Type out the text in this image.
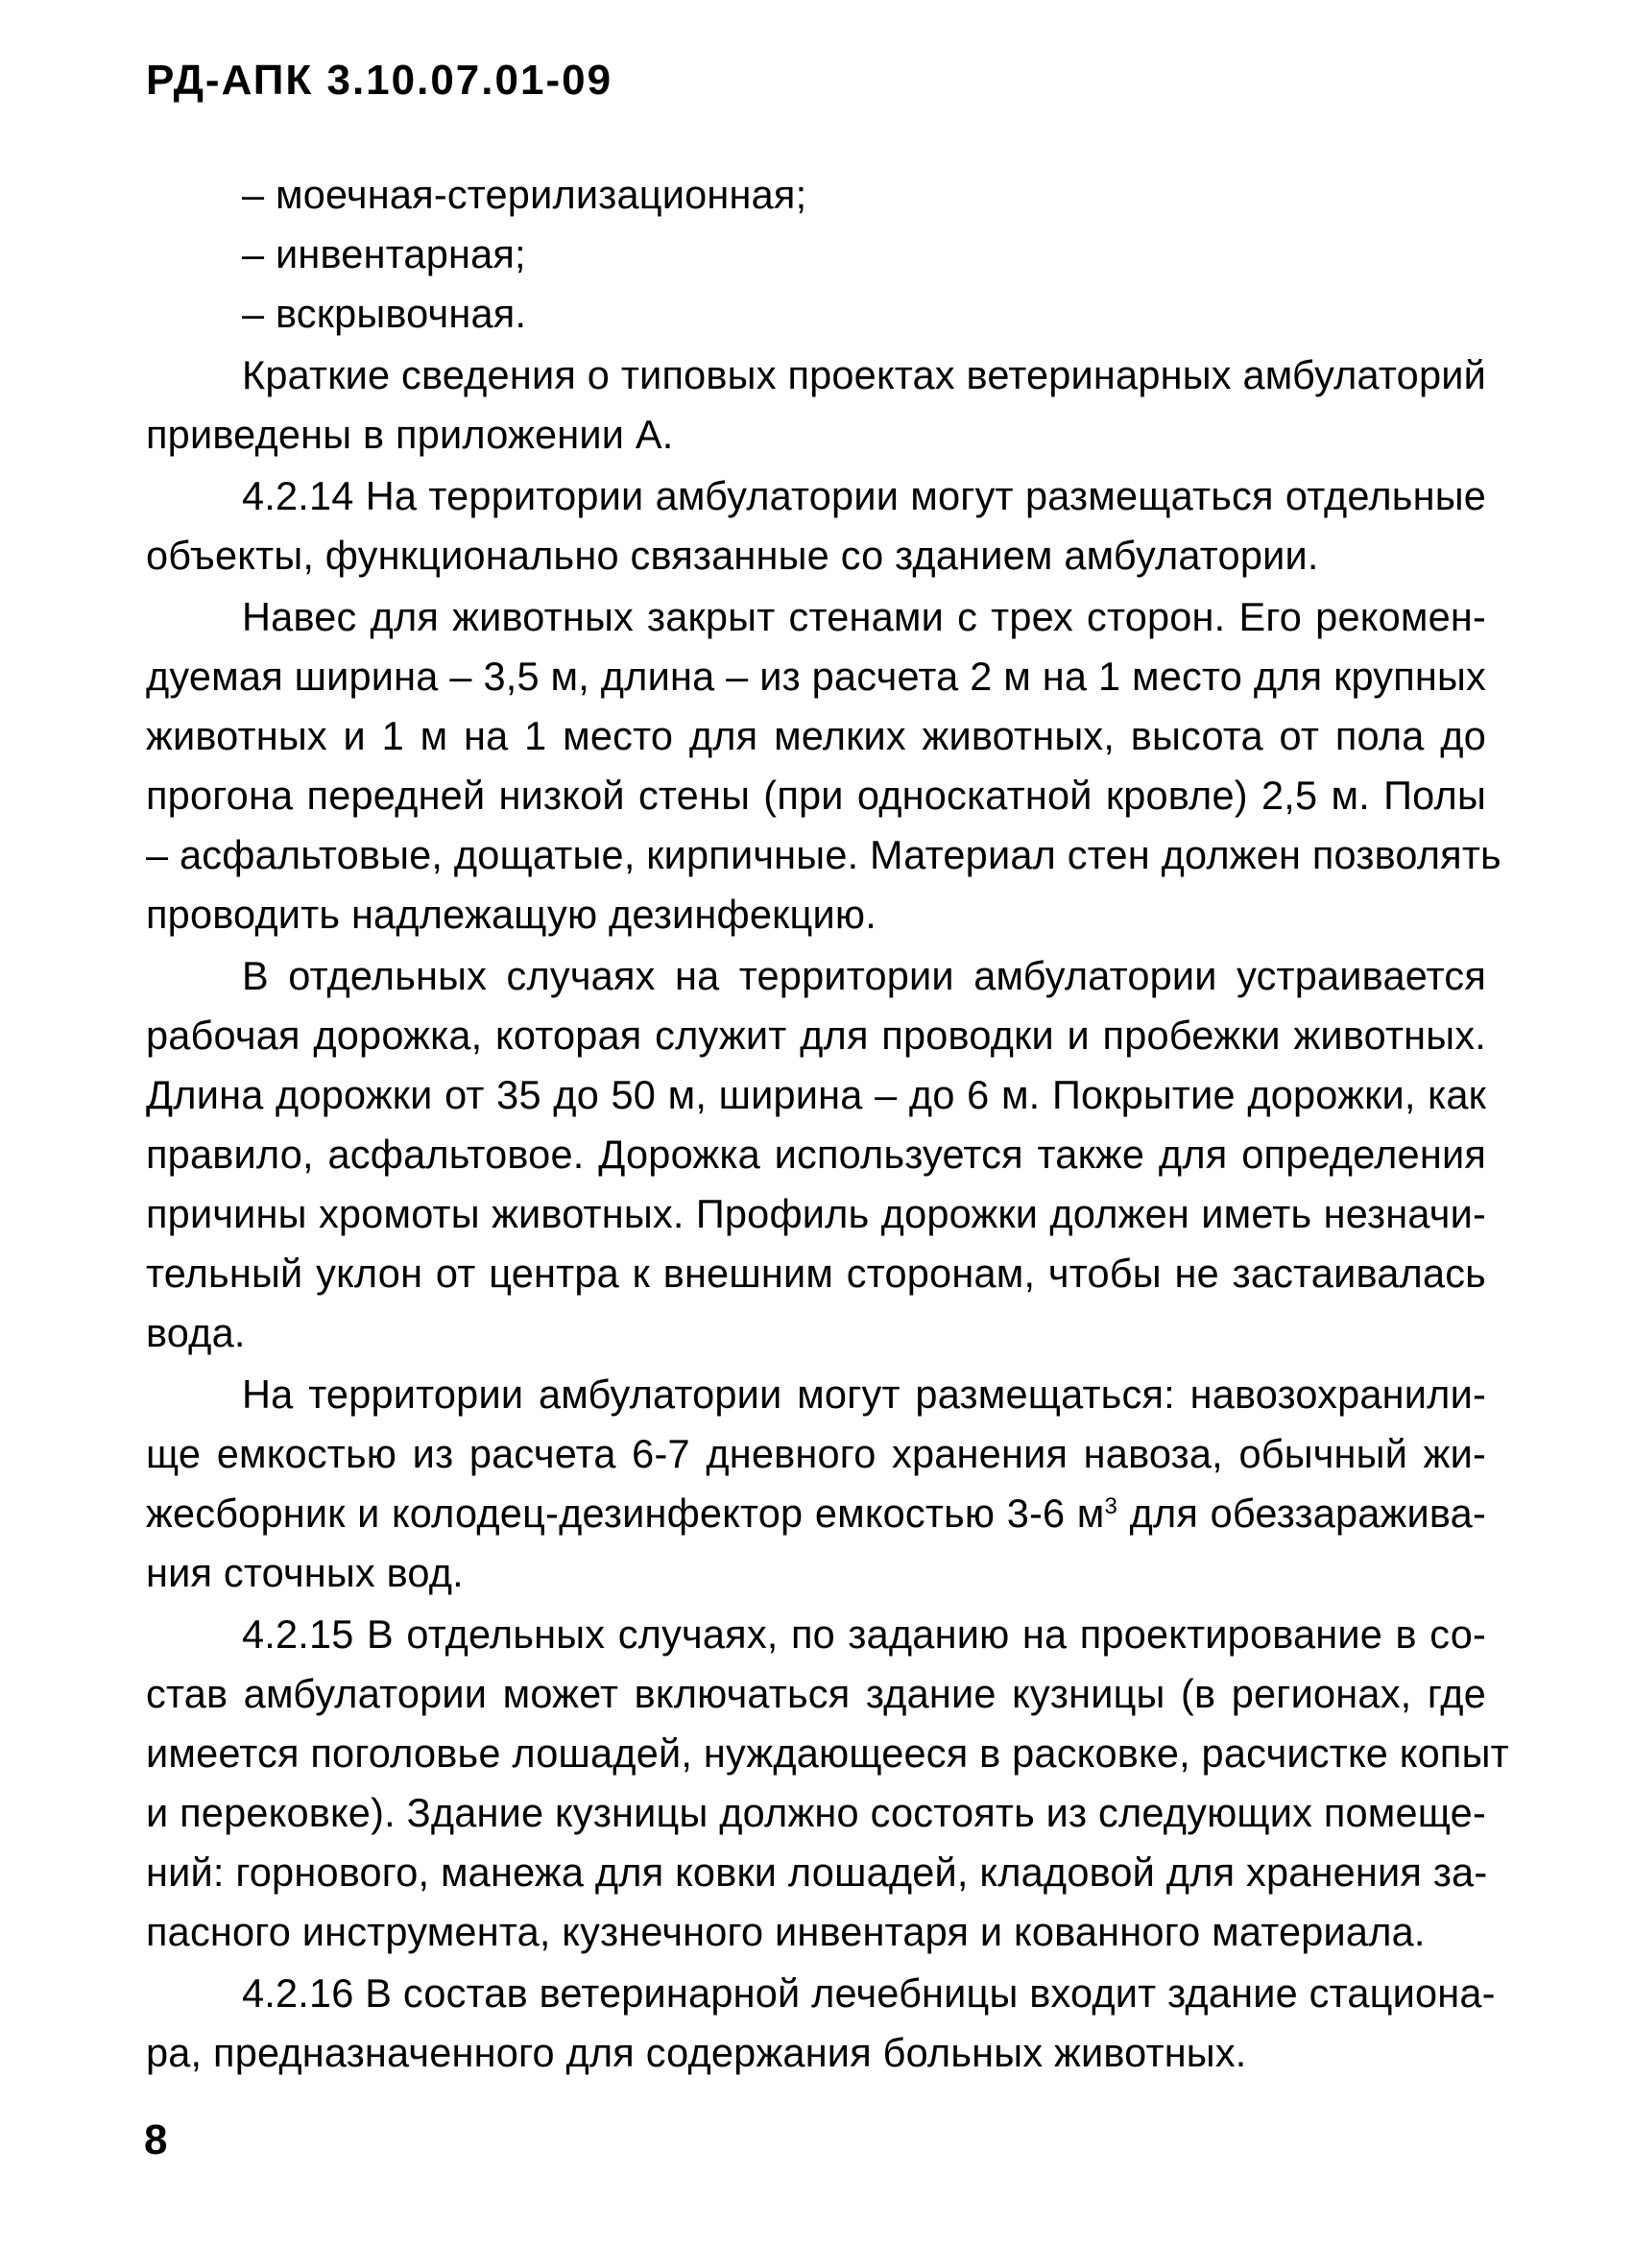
РД-АПК 3.10.07.01-09
– моечная-стерилизационная;
– инвентарная;
– вскрывочная.
Краткие сведения о типовых проектах ветеринарных амбулаторий
приведены в приложении А.
4.2.14 На территории амбулатории могут размещаться отдельные
объекты, функционально связанные со зданием амбулатории.
Навес для животных закрыт стенами с трех сторон. Его рекомен-
дуемая ширина – 3,5 м, длина – из расчета 2 м на 1 место для крупных
животных и 1 м на 1 место для мелких животных, высота от пола до
прогона передней низкой стены (при односкатной кровле) 2,5 м. Полы
– асфальтовые, дощатые, кирпичные. Материал стен должен позволять
проводить надлежащую дезинфекцию.
В отдельных случаях на территории амбулатории устраивается
рабочая дорожка, которая служит для проводки и пробежки животных.
Длина дорожки от 35 до 50 м, ширина – до 6 м. Покрытие дорожки, как
правило, асфальтовое. Дорожка используется также для определения
причины хромоты животных. Профиль дорожки должен иметь незначи-
тельный уклон от центра к внешним сторонам, чтобы не застаивалась
вода.
На территории амбулатории могут размещаться: навозохранили-
ще емкостью из расчета 6-7 дневного хранения навоза, обычный жи-
жесборник и колодец-дезинфектор емкостью 3-6 $м^3$ для обеззаражива-
ния сточных вод.
4.2.15 В отдельных случаях, по заданию на проектирование в со-
став амбулатории может включаться здание кузницы (в регионах, где
имеется поголовье лошадей, нуждающееся в расковке, расчистке копыт
и перековке). Здание кузницы должно состоять из следующих помеще-
ний: горнового, манежа для ковки лошадей, кладовой для хранения за-
пасного инструмента, кузнечного инвентаря и кованного материала.
4.2.16 В состав ветеринарной лечебницы входит здание стациона-
ра, предназначенного для содержания больных животных.
8
